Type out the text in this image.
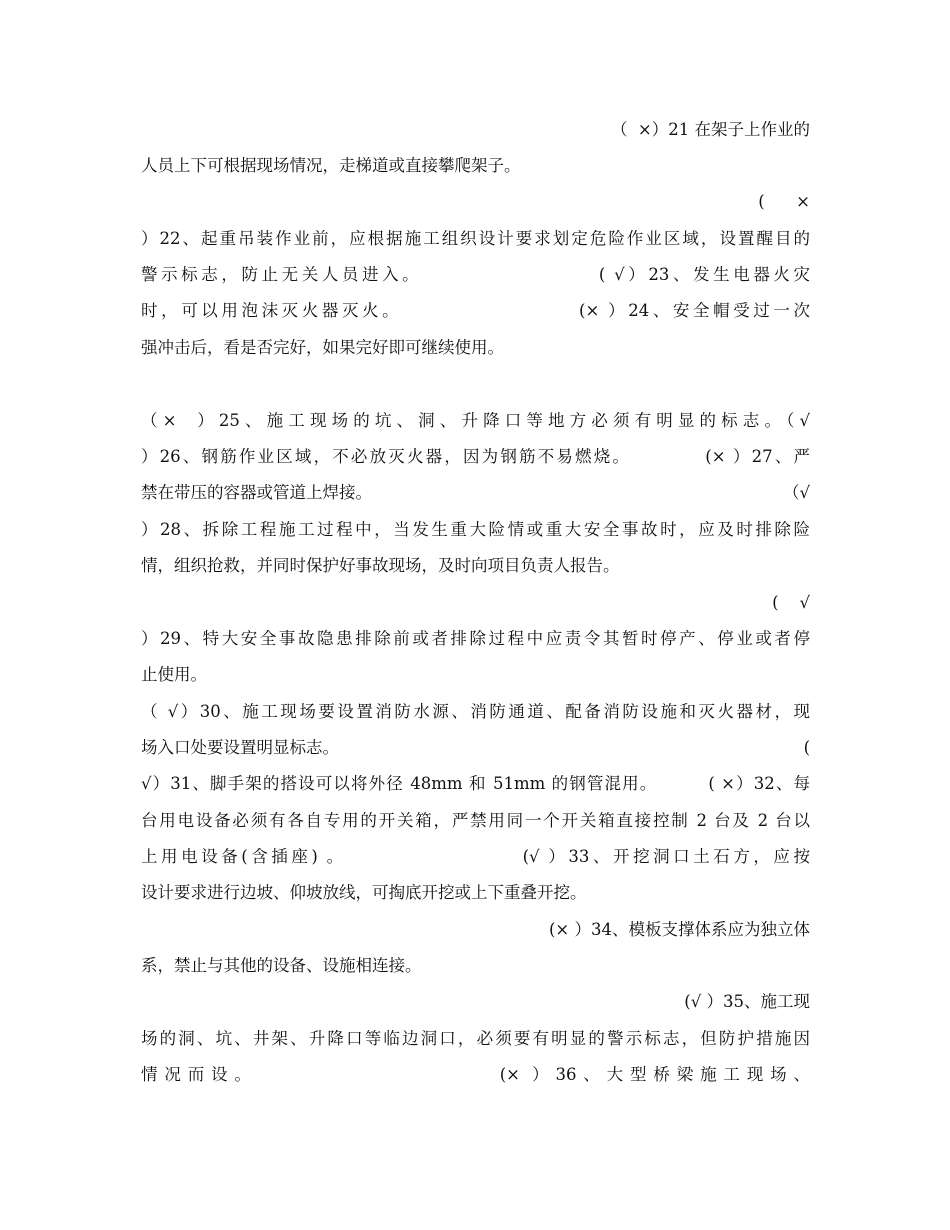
（  ×）21 在架子上作业的
人员上下可根据现场情况，走梯道或直接攀爬架子。
(      ×
）22、起重吊装作业前，应根据施工组织设计要求划定危险作业区域，设置醒目的
警示标志，防止无关人员进入。                    ( √）23、发生电器火灾
时，可以用泡沫灭火器灭火。                    (× ）24、安全帽受过一次
强冲击后，看是否完好，如果完好即可继续使用。
（×  ）25、施工现场的坑、洞、升降口等地方必须有明显的标志。（√
）26、钢筋作业区域，不必放灭火器，因为钢筋不易燃烧。          (× ）27、严
禁在带压的容器或管道上焊接。	（√
）28、拆除工程施工过程中，当发生重大险情或重大安全事故时，应及时排除险
情，组织抢救，并同时保护好事故现场，及时向项目负责人报告。
(    √
）29、特大安全事故隐患排除前或者排除过程中应责令其暂时停产、停业或者停
止使用。
（ √）30、施工现场要设置消防水源、消防通道、配备消防设施和灭火器材，现
场入口处要设置明显标志。	(
√）31、脚手架的搭设可以将外径 48mm 和 51mm 的钢管混用。        ( ×）32、每
台用电设备必须有各自专用的开关箱，严禁用同一个开关箱直接控制 2 台及 2 台以
上用电设备(含插座) 。                    (√ ）33、开挖洞口土石方，应按
设计要求进行边坡、仰坡放线，可掏底开挖或上下重叠开挖。
(× ）34、模板支撑体系应为独立体
系，禁止与其他的设备、设施相连接。
(√ ）35、施工现
场的洞、坑、井架、升降口等临边洞口，必须要有明显的警示标志，但防护措施因
情况而设。                    (× ）36、大型桥梁施工现场、
